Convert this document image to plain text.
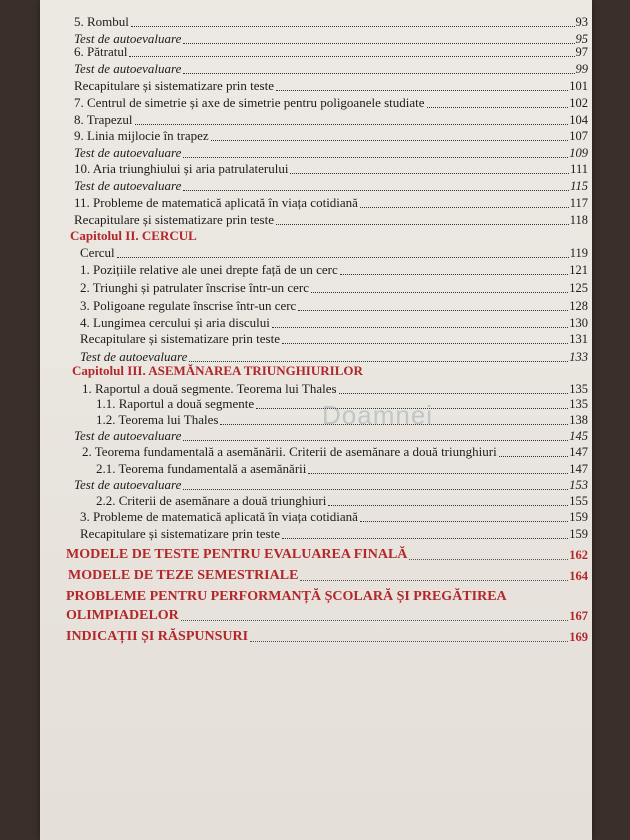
5. Rombul	93
Test de autoevaluare	95
6. Pătratul	97
Test de autoevaluare	99
Recapitulare și sistematizare prin teste	101
7. Centrul de simetrie și axe de simetrie pentru poligoanele studiate	102
8. Trapezul	104
9. Linia mijlocie în trapez	107
Test de autoevaluare	109
10. Aria triunghiului și aria patrulaterului	111
Test de autoevaluare	115
11. Probleme de matematică aplicată în viața cotidiană	117
Recapitulare și sistematizare prin teste	118
Capitolul II. CERCUL
Cercul	119
1. Pozițiile relative ale unei drepte față de un cerc	121
2. Triunghi și patrulater înscrise într-un cerc	125
3. Poligoane regulate înscrise într-un cerc	128
4. Lungimea cercului și aria discului	130
Recapitulare și sistematizare prin teste	131
Test de autoevaluare	133
Capitolul III. ASEMĂNAREA TRIUNGHIURILOR
1. Raportul a două segmente. Teorema lui Thales	135
1.1. Raportul a două segmente	135
1.2. Teorema lui Thales	138
Test de autoevaluare	145
2. Teorema fundamentală a asemănării. Criterii de asemănare a două triunghiuri	147
2.1. Teorema fundamentală a asemănării	147
Test de autoevaluare	153
2.2. Criterii de asemănare a două triunghiuri	155
3. Probleme de matematică aplicată în viața cotidiană	159
Recapitulare și sistematizare prin teste	159
MODELE DE TESTE PENTRU EVALUAREA FINALĂ	162
MODELE DE TEZE SEMESTRIALE	164
PROBLEME PENTRU PERFORMANȚĂ ȘCOLARĂ ȘI PREGĂTIREA
OLIMPIADELOR	167
INDICAȚII ȘI RĂSPUNSURI	169
Doamnei
